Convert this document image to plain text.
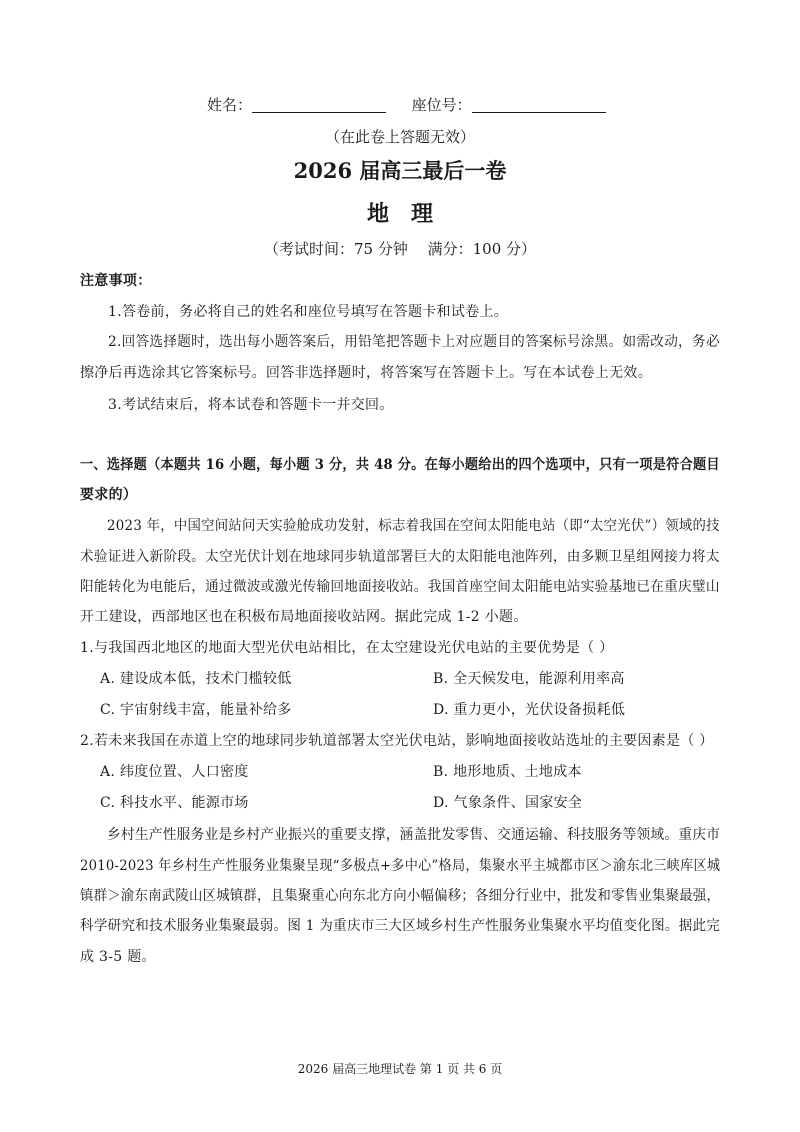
姓名：	座位号：
（在此卷上答题无效）
2026 届高三最后一卷
地　理
（考试时间：75 分钟　 满分：100 分）
注意事项：
1.答卷前，务必将自己的姓名和座位号填写在答题卡和试卷上。
2.回答选择题时，选出每小题答案后，用铅笔把答题卡上对应题目的答案标号涂黑。如需改动，务必
擦净后再选涂其它答案标号。回答非选择题时，将答案写在答题卡上。写在本试卷上无效。
3.考试结束后，将本试卷和答题卡一并交回。
一、选择题（本题共 16 小题，每小题 3 分，共 48 分。在每小题给出的四个选项中，只有一项是符合题目
要求的）
2023 年，中国空间站问天实验舱成功发射，标志着我国在空间太阳能电站（即“太空光伏”）领域的技
术验证进入新阶段。太空光伏计划在地球同步轨道部署巨大的太阳能电池阵列，由多颗卫星组网接力将太
阳能转化为电能后，通过微波或激光传输回地面接收站。我国首座空间太阳能电站实验基地已在重庆璧山
开工建设，西部地区也在积极布局地面接收站网。据此完成 1-2 小题。
1.与我国西北地区的地面大型光伏电站相比，在太空建设光伏电站的主要优势是（ ）
A. 建设成本低，技术门槛较低	B. 全天候发电，能源利用率高
C. 宇宙射线丰富，能量补给多	D. 重力更小，光伏设备损耗低
2.若未来我国在赤道上空的地球同步轨道部署太空光伏电站，影响地面接收站选址的主要因素是（ ）
A. 纬度位置、人口密度	B. 地形地质、土地成本
C. 科技水平、能源市场	D. 气象条件、国家安全
乡村生产性服务业是乡村产业振兴的重要支撑，涵盖批发零售、交通运输、科技服务等领域。重庆市
2010-2023 年乡村生产性服务业集聚呈现“多极点+多中心”格局，集聚水平主城都市区＞渝东北三峡库区城
镇群＞渝东南武陵山区城镇群，且集聚重心向东北方向小幅偏移；各细分行业中，批发和零售业集聚最强，
科学研究和技术服务业集聚最弱。图 1 为重庆市三大区域乡村生产性服务业集聚水平均值变化图。据此完
成 3-5 题。
2026 届高三地理试卷 第 1 页 共 6 页
